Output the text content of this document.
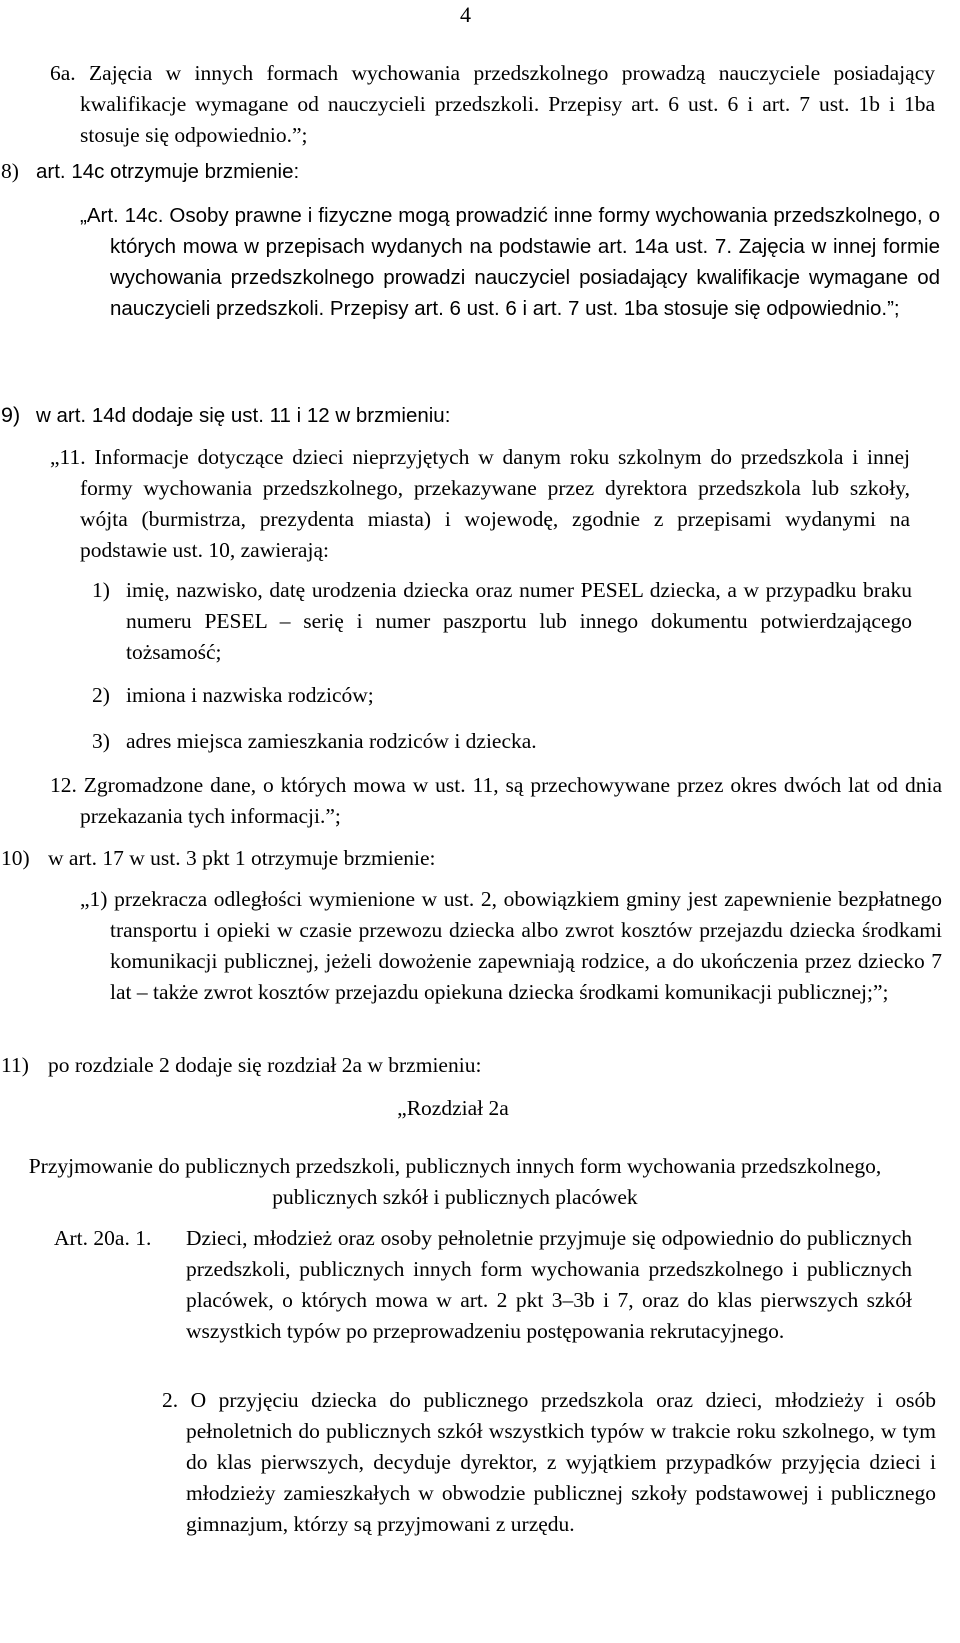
4

6a. Zajęcia w innych formach wychowania przedszkolnego prowadzą nauczyciele posiadający kwalifikacje wymagane od nauczycieli przedszkoli. Przepisy art. 6 ust. 6 i art. 7 ust. 1b i 1ba stosuje się odpowiednio.”;

8) art. 14c otrzymuje brzmienie:

„Art. 14c. Osoby prawne i fizyczne mogą prowadzić inne formy wychowania przedszkolnego, o których mowa w przepisach wydanych na podstawie art. 14a ust. 7. Zajęcia w innej formie wychowania przedszkolnego prowadzi nauczyciel posiadający kwalifikacje wymagane od nauczycieli przedszkoli. Przepisy art. 6 ust. 6 i art. 7 ust. 1ba stosuje się odpowiednio.”;

9) w art. 14d dodaje się ust. 11 i 12 w brzmieniu:

„11. Informacje dotyczące dzieci nieprzyjętych w danym roku szkolnym do przedszkola i innej formy wychowania przedszkolnego, przekazywane przez dyrektora przedszkola lub szkoły, wójta (burmistrza, prezydenta miasta) i wojewodę, zgodnie z przepisami wydanymi na podstawie ust. 10, zawierają:

1) imię, nazwisko, datę urodzenia dziecka oraz numer PESEL dziecka, a w przypadku braku numeru PESEL – serię i numer paszportu lub innego dokumentu potwierdzającego tożsamość;

2) imiona i nazwiska rodziców;

3) adres miejsca zamieszkania rodziców i dziecka.

12. Zgromadzone dane, o których mowa w ust. 11, są przechowywane przez okres dwóch lat od dnia przekazania tych informacji.”;

10) w art. 17 w ust. 3 pkt 1 otrzymuje brzmienie:

„1) przekracza odległości wymienione w ust. 2, obowiązkiem gminy jest zapewnienie bezpłatnego transportu i opieki w czasie przewozu dziecka albo zwrot kosztów przejazdu dziecka środkami komunikacji publicznej, jeżeli dowożenie zapewniają rodzice, a do ukończenia przez dziecko 7 lat – także zwrot kosztów przejazdu opiekuna dziecka środkami komunikacji publicznej;”;

11) po rozdziale 2 dodaje się rozdział 2a w brzmieniu:

„Rozdział 2a

Przyjmowanie do publicznych przedszkoli, publicznych innych form wychowania przedszkolnego, publicznych szkół i publicznych placówek

Art. 20a. 1. Dzieci, młodzież oraz osoby pełnoletnie przyjmuje się odpowiednio do publicznych przedszkoli, publicznych innych form wychowania przedszkolnego i publicznych placówek, o których mowa w art. 2 pkt 3–3b i 7, oraz do klas pierwszych szkół wszystkich typów po przeprowadzeniu postępowania rekrutacyjnego.

2. O przyjęciu dziecka do publicznego przedszkola oraz dzieci, młodzieży i osób pełnoletnich do publicznych szkół wszystkich typów w trakcie roku szkolnego, w tym do klas pierwszych, decyduje dyrektor, z wyjątkiem przypadków przyjęcia dzieci i młodzieży zamieszkałych w obwodzie publicznej szkoły podstawowej i publicznego gimnazjum, którzy są przyjmowani z urzędu.
